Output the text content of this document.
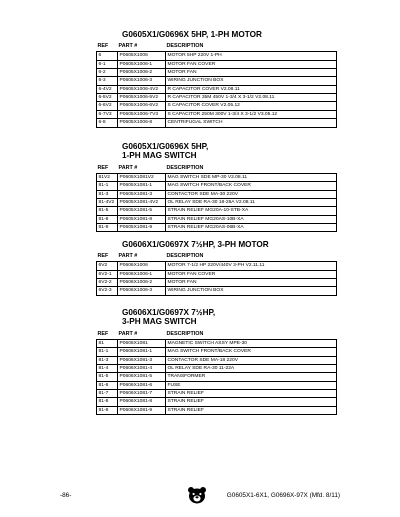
G0605X1/G0696X 5HP, 1-PH MOTOR
REF	PART #	DESCRIPTION
6	P0605X1006	MOTOR 5HP 220V 1-PH
6-1	P0605X1006-1	MOTOR FAN COVER
6-2	P0605X1006-2	MOTOR FAN
6-3	P0605X1006-3	WIRING JUNCTION BOX
6-4V2	P0605X1006-4V2	R CAPACITOR COVER V2.08.11
6-5V2	P0605X1006-5V2	R CAPACITOR 35M 450V 1-3/4 X 3-1/2 V2.08.11
6-6V2	P0605X1006-6V2	S CAPACITOR COVER V2.05.12
6-7V3	P0605X1006-7V3	S CAPACITOR 250M 300V 1-3/4 X 3-1/2 V3.05.12
6-8	P0605X1006-8	CENTRIFUGAL SWITCH
G0605X1/G0696X 5HP,
1-PH MAG SWITCH
REF	PART #	DESCRIPTION
81V2	P0605X1081V2	MAG SWITCH SDE MP-30 V2.08.11
81-1	P0605X1081-1	MAG SWITCH FRONT/BACK COVER
81-3	P0605X1081-3	CONTACTOR SDE MA-30 220V
81-4V2	P0605X1081-4V2	OL RELAY SDE RA-30 18-26A V2.08.11
81-5	P0605X1081-5	STRAIN RELIEF MG20A-10-STB-XA
81-8	P0605X1081-8	STRAIN RELIEF MG20AS-10B-XA
81-9	P0605X1081-9	STRAIN RELIEF MG20AS-06B-XA
G0606X1/G0697X 7½HP, 3-PH MOTOR
REF	PART #	DESCRIPTION
6V2	P0606X1006	MOTOR 7-1/2 HP 220V/440V 3-PH V2.11.11
6V2-1	P0606X1006-1	MOTOR FAN COVER
6V2-2	P0606X1006-2	MOTOR FAN
6V2-3	P0606X1006-3	WIRING JUNCTION BOX
G0606X1/G0697X 7½HP,
3-PH MAG SWITCH
REF	PART #	DESCRIPTION
81	P0606X1081	MAGNETIC SWITCH ASSY MPE-30
81-1	P0606X1081-1	MAG SWITCH FRONT/BACK COVER
81-3	P0606X1081-3	CONTACTOR SDE MA-18 220V
81-4	P0606X1081-4	OL RELAY SDE RA-30 11-22A
81-5	P0606X1081-5	TRANSFORMER
81-6	P0606X1081-6	FUSE
81-7	P0606X1081-7	STRAIN RELIEF
81-8	P0606X1081-8	STRAIN RELIEF
81-9	P0606X1081-9	STRAIN RELIEF
-86-	G0605X1-6X1, G0696X-97X (Mfd. 8/11)
